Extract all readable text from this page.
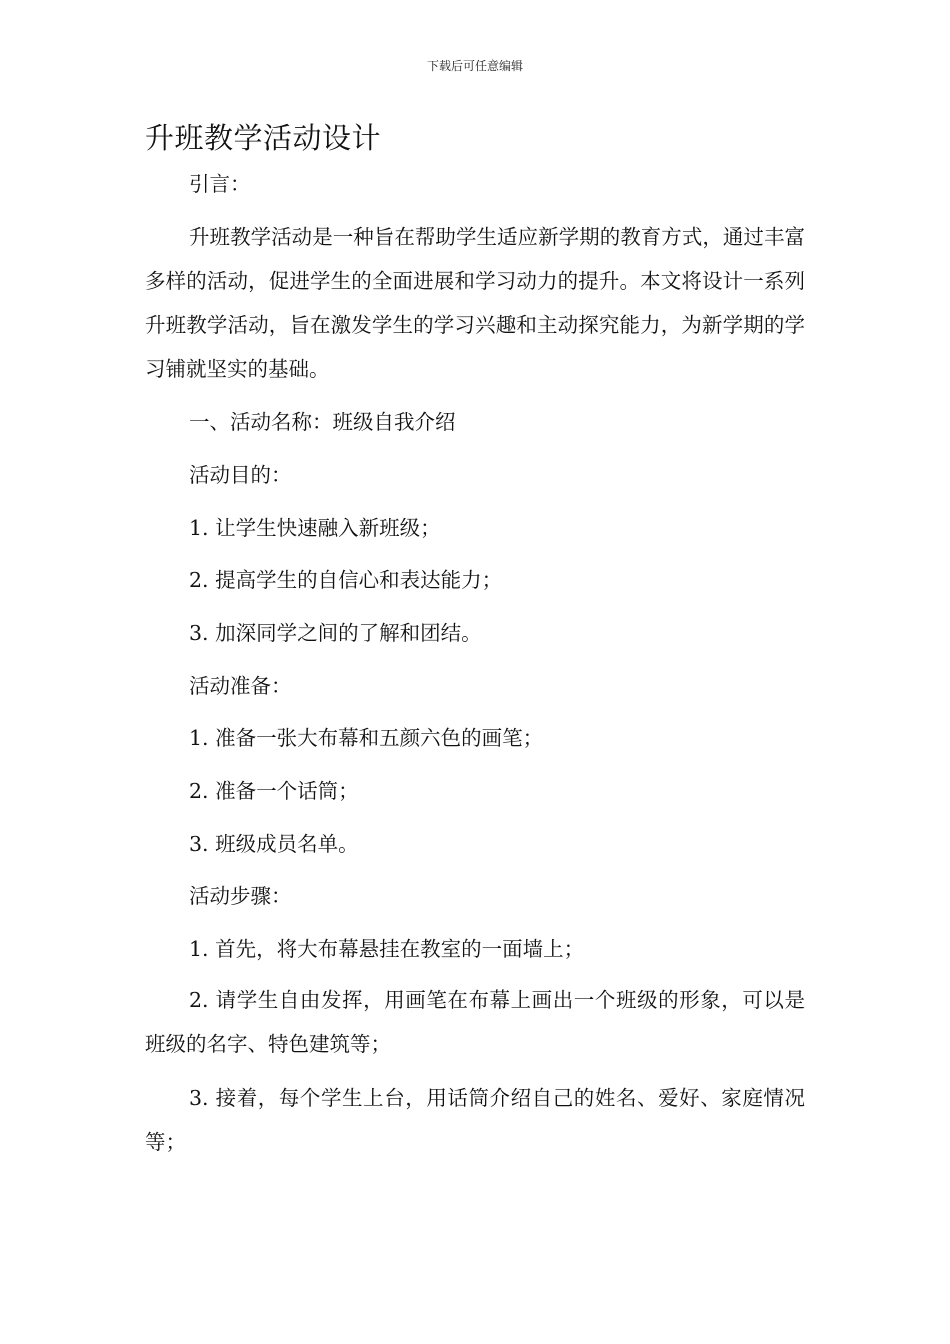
下载后可任意编辑
升班教学活动设计

引言：

升班教学活动是一种旨在帮助学生适应新学期的教育方式，通过丰富多样的活动，促进学生的全面进展和学习动力的提升。本文将设计一系列升班教学活动，旨在激发学生的学习兴趣和主动探究能力，为新学期的学习铺就坚实的基础。

一、活动名称：班级自我介绍

活动目的：

1. 让学生快速融入新班级；

2. 提高学生的自信心和表达能力；

3. 加深同学之间的了解和团结。

活动准备：

1. 准备一张大布幕和五颜六色的画笔；

2. 准备一个话筒；

3. 班级成员名单。

活动步骤：

1. 首先，将大布幕悬挂在教室的一面墙上；

2. 请学生自由发挥，用画笔在布幕上画出一个班级的形象，可以是班级的名字、特色建筑等；

3. 接着，每个学生上台，用话筒介绍自己的姓名、爱好、家庭情况等；
